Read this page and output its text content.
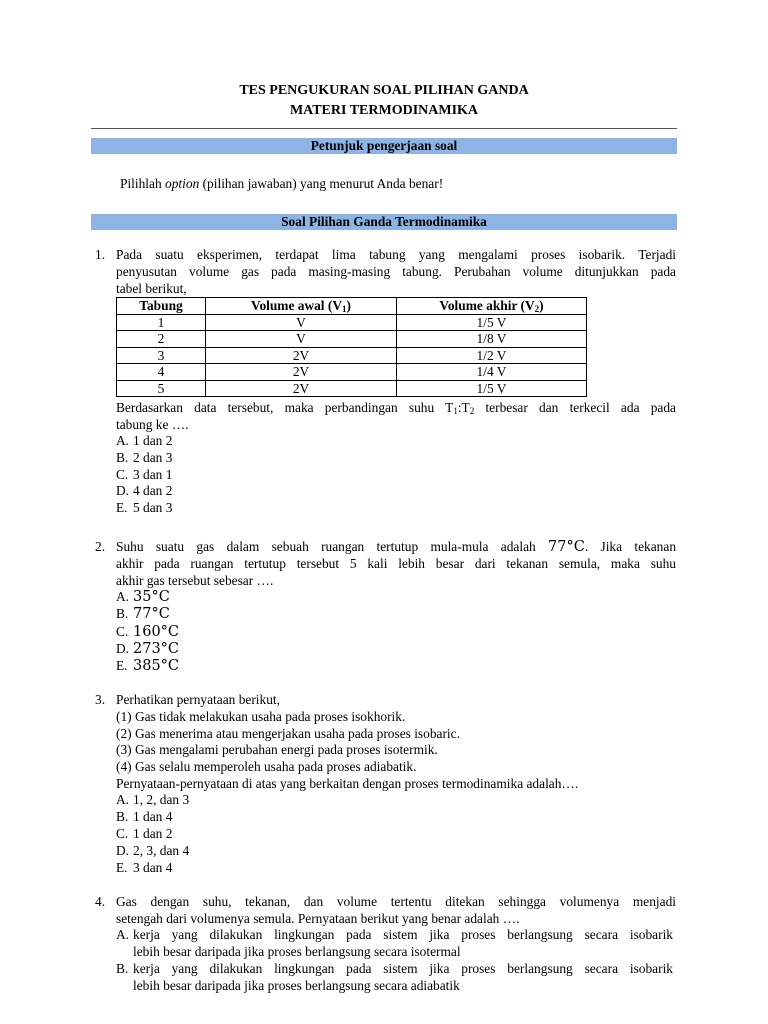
TES PENGUKURAN SOAL PILIHAN GANDA
MATERI TERMODINAMIKA
Petunjuk pengerjaan soal
Pilihlah option (pilihan jawaban) yang menurut Anda benar!
Soal Pilihan Ganda Termodinamika
1. Pada suatu eksperimen, terdapat lima tabung yang mengalami proses isobarik. Terjadi
penyusutan volume gas pada masing-masing tabung. Perubahan volume ditunjukkan pada
tabel berikut,
Tabung	Volume awal $(V_1)$	Volume akhir $(V_2)$
1	V	1/5 V
2	V	1/8 V
3	2V	1/2 V
4	2V	1/4 V
5	2V	1/5 V
Berdasarkan data tersebut, maka perbandingan suhu $T_1:T_2$ terbesar dan terkecil ada pada
tabung ke ….
A. 1 dan 2
B. 2 dan 3
C. 3 dan 1
D. 4 dan 2
E. 5 dan 3
2. Suhu suatu gas dalam sebuah ruangan tertutup mula-mula adalah 77°C. Jika tekanan
akhir pada ruangan tertutup tersebut 5 kali lebih besar dari tekanan semula, maka suhu
akhir gas tersebut sebesar ….
A. 35°C
B. 77°C
C. 160°C
D. 273°C
E. 385°C
3. Perhatikan pernyataan berikut,
(1) Gas tidak melakukan usaha pada proses isokhorik.
(2) Gas menerima atau mengerjakan usaha pada proses isobaric.
(3) Gas mengalami perubahan energi pada proses isotermik.
(4) Gas selalu memperoleh usaha pada proses adiabatik.
Pernyataan-pernyataan di atas yang berkaitan dengan proses termodinamika adalah….
A. 1, 2, dan 3
B. 1 dan 4
C. 1 dan 2
D. 2, 3, dan 4
E. 3 dan 4
4. Gas dengan suhu, tekanan, dan volume tertentu ditekan sehingga volumenya menjadi
setengah dari volumenya semula. Pernyataan berikut yang benar adalah ….
A. kerja yang dilakukan lingkungan pada sistem jika proses berlangsung secara isobarik
lebih besar daripada jika proses berlangsung secara isotermal
B. kerja yang dilakukan lingkungan pada sistem jika proses berlangsung secara isobarik
lebih besar daripada jika proses berlangsung secara adiabatik
